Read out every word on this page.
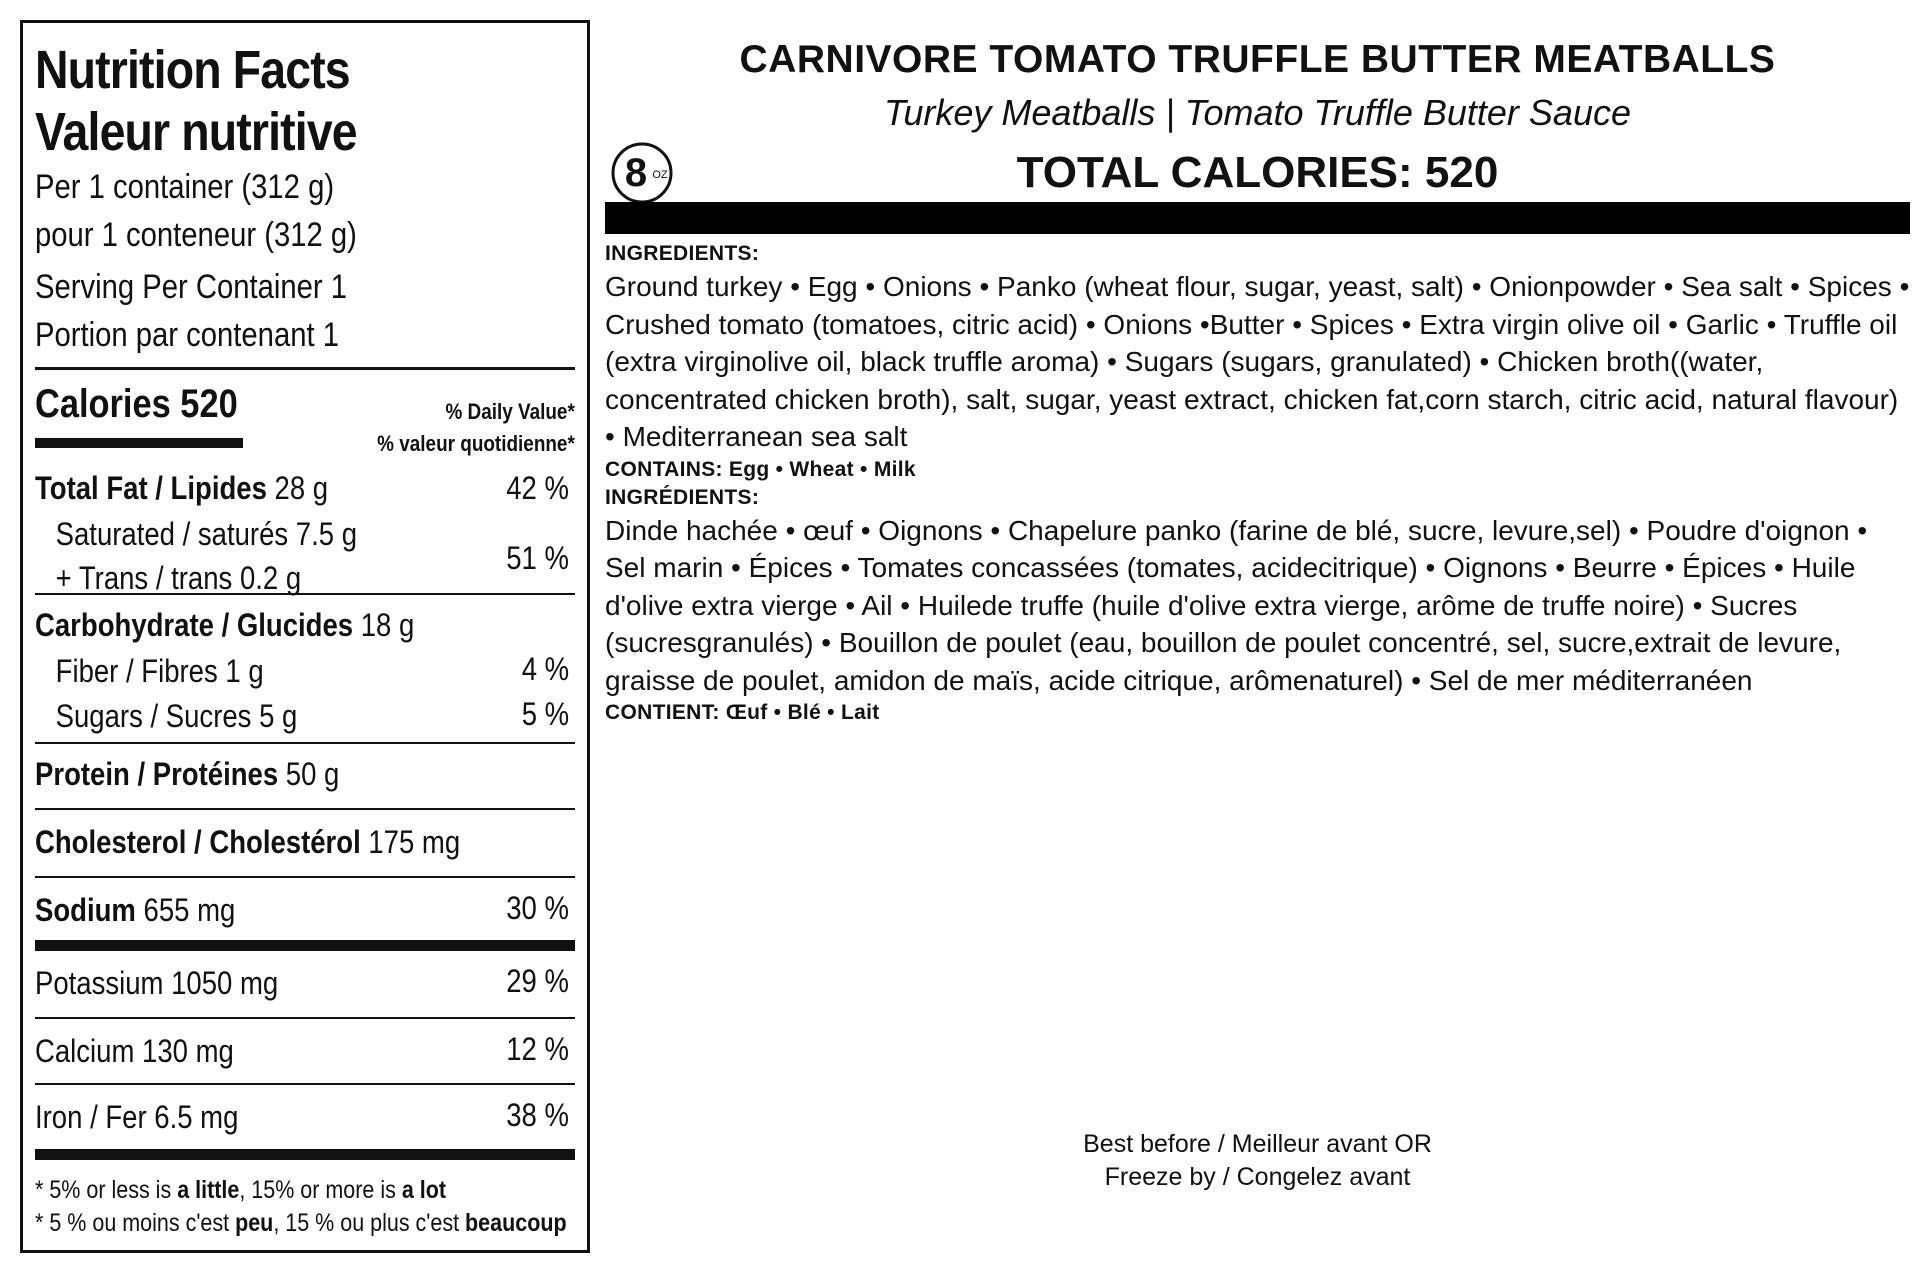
Nutrition Facts
Valeur nutritive
Per 1 container (312 g)
pour 1 conteneur (312 g)
Serving Per Container 1
Portion par contenant 1
Calories 520	% Daily Value*
% valeur quotidienne*
Total Fat / Lipides 28 g	42 %
Saturated / saturés 7.5 g
+ Trans / trans 0.2 g
51 %
Carbohydrate / Glucides 18 g
Fiber / Fibres 1 g	4 %
Sugars / Sucres 5 g	5 %
Protein / Protéines 50 g
Cholesterol / Cholestérol 175 mg
Sodium 655 mg	30 %
Potassium 1050 mg	29 %
Calcium 130 mg	12 %
Iron / Fer 6.5 mg	38 %
* 5% or less is a little, 15% or more is a lot
* 5 % ou moins c'est peu, 15 % ou plus c'est beaucoup
CARNIVORE TOMATO TRUFFLE BUTTER MEATBALLS
Turkey Meatballs | Tomato Truffle Butter Sauce
8 OZ	TOTAL CALORIES: 520
INGREDIENTS:
Ground turkey • Egg • Onions • Panko (wheat flour, sugar, yeast, salt) • Onionpowder • Sea salt • Spices • Crushed tomato (tomatoes, citric acid) • Onions •Butter • Spices • Extra virgin olive oil • Garlic • Truffle oil (extra virginolive oil, black truffle aroma) • Sugars (sugars, granulated) • Chicken broth((water, concentrated chicken broth), salt, sugar, yeast extract, chicken fat,corn starch, citric acid, natural flavour) • Mediterranean sea salt
CONTAINS: Egg • Wheat • Milk
INGRÉDIENTS:
Dinde hachée • œuf • Oignons • Chapelure panko (farine de blé, sucre, levure,sel) • Poudre d'oignon • Sel marin • Épices • Tomates concassées (tomates, acidecitrique) • Oignons • Beurre • Épices • Huile d'olive extra vierge • Ail • Huilede truffe (huile d'olive extra vierge, arôme de truffe noire) • Sucres (sucresgranulés) • Bouillon de poulet (eau, bouillon de poulet concentré, sel, sucre,extrait de levure, graisse de poulet, amidon de maïs, acide citrique, arômenaturel) • Sel de mer méditerranéen
CONTIENT: Œuf • Blé • Lait
Best before / Meilleur avant OR
Freeze by / Congelez avant
